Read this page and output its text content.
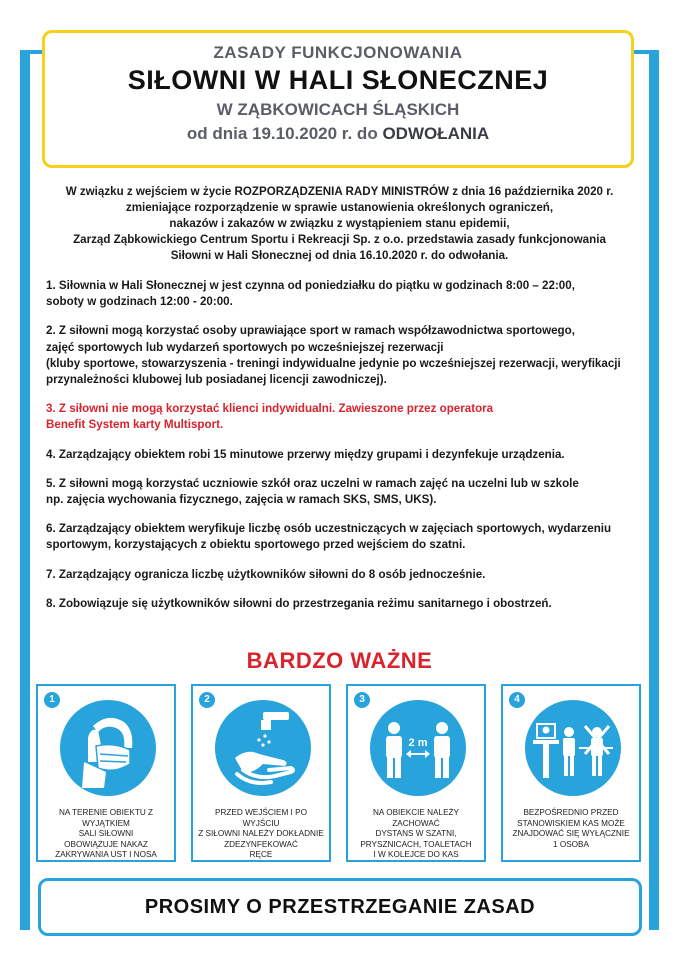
ZASADY FUNKCJONOWANIA
SIŁOWNI W HALI SŁONECZNEJ
W ZĄBKOWICACH ŚLĄSKICH
od dnia 19.10.2020 r. do ODWOŁANIA
W związku z wejściem w życie ROZPORZĄDZENIA RADY MINISTRÓW z dnia 16 października 2020 r.
zmieniające rozporządzenie w sprawie ustanowienia określonych ograniczeń,
nakazów i zakazów w związku z wystąpieniem stanu epidemii,
Zarząd Ząbkowickiego Centrum Sportu i Rekreacji Sp. z o.o. przedstawia zasady funkcjonowania
Siłowni w Hali Słonecznej od dnia 16.10.2020 r. do odwołania.

1. Siłownia w Hali Słonecznej w jest czynna od poniedziałku do piątku w godzinach 8:00 – 22:00,

soboty w godzinach 12:00 - 20:00.

2. Z siłowni mogą korzystać osoby uprawiające sport w ramach współzawodnictwa sportowego,

zajęć sportowych lub wydarzeń sportowych po wcześniejszej rezerwacji

(kluby sportowe, stowarzyszenia - treningi indywidualne jedynie po wcześniejszej rezerwacji, weryfikacji

przynależności klubowej lub posiadanej licencji zawodniczej).

3. Z siłowni nie mogą korzystać klienci indywidualni. Zawieszone przez operatora

Benefit System karty Multisport.

4. Zarządzający obiektem robi 15 minutowe przerwy między grupami i dezynfekuje urządzenia.

5. Z siłowni mogą korzystać uczniowie szkół oraz uczelni w ramach zajęć na uczelni lub w szkole

np. zajęcia wychowania fizycznego, zajęcia w ramach SKS, SMS, UKS).

6. Zarządzający obiektem weryfikuje liczbę osób uczestniczących w zajęciach sportowych, wydarzeniu

sportowym, korzystających z obiektu sportowego przed wejściem do szatni.

7. Zarządzający ogranicza liczbę użytkowników siłowni do 8 osób jednocześnie.

8. Zobowiązuje się użytkowników siłowni do przestrzegania reżimu sanitarnego i obostrzeń.

BARDZO WAŻNE
1
NA TERENIE OBIEKTU Z WYJĄTKIEM
SALI SIŁOWNI
OBOWIĄZUJE NAKAZ
ZAKRYWANIA UST I NOSA
2
PRZED WEJŚCIEM I PO WYJŚCIU
Z SIŁOWNI NALEŻY DOKŁADNIE
ZDEZYNFEKOWAĆ
RĘCE
3
2 m
NA OBIEKCIE NALEŻY ZACHOWAĆ
DYSTANS W SZATNI,
PRYSZNICACH, TOALETACH
I W KOLEJCE DO KAS
4
BEZPOŚREDNIO PRZED
STANOWISKIEM KAS MOŻE
ZNAJDOWAĆ SIĘ WYŁĄCZNIE
1 OSOBA
PROSIMY O PRZESTRZEGANIE ZASAD
